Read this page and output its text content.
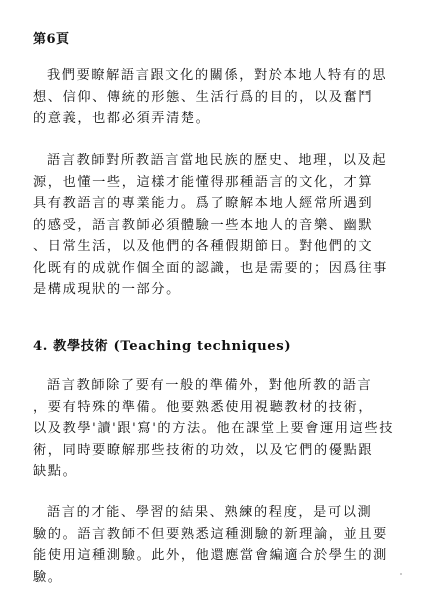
第6頁
我們要瞭解語言跟文化的關係，對於本地人特有的思
想、信仰、傳統的形態、生活行爲的目的，以及奮鬥
的意義，也都必須弄清楚。
語言教師對所教語言當地民族的歷史、地理，以及起
源，也懂一些，這樣才能懂得那種語言的文化，才算
具有教語言的專業能力。爲了瞭解本地人經常所遇到
的感受，語言教師必須體驗一些本地人的音樂、幽默
、日常生活，以及他們的各種假期節日。對他們的文
化既有的成就作個全面的認識，也是需要的；因爲往事
是構成現狀的一部分。
4. 教學技術 (Teaching techniques)
語言教師除了要有一般的準備外，對他所教的語言
，要有特殊的準備。他要熟悉使用視聽教材的技術，
以及教學'讀'跟'寫'的方法。他在課堂上要會運用這些技
術，同時要瞭解那些技術的功效，以及它們的優點跟
缺點。
語言的才能、學習的結果、熟練的程度，是可以測
驗的。語言教師不但要熟悉這種測驗的新理論，並且要
能使用這種測驗。此外，他還應當會編適合於學生的測
驗。
